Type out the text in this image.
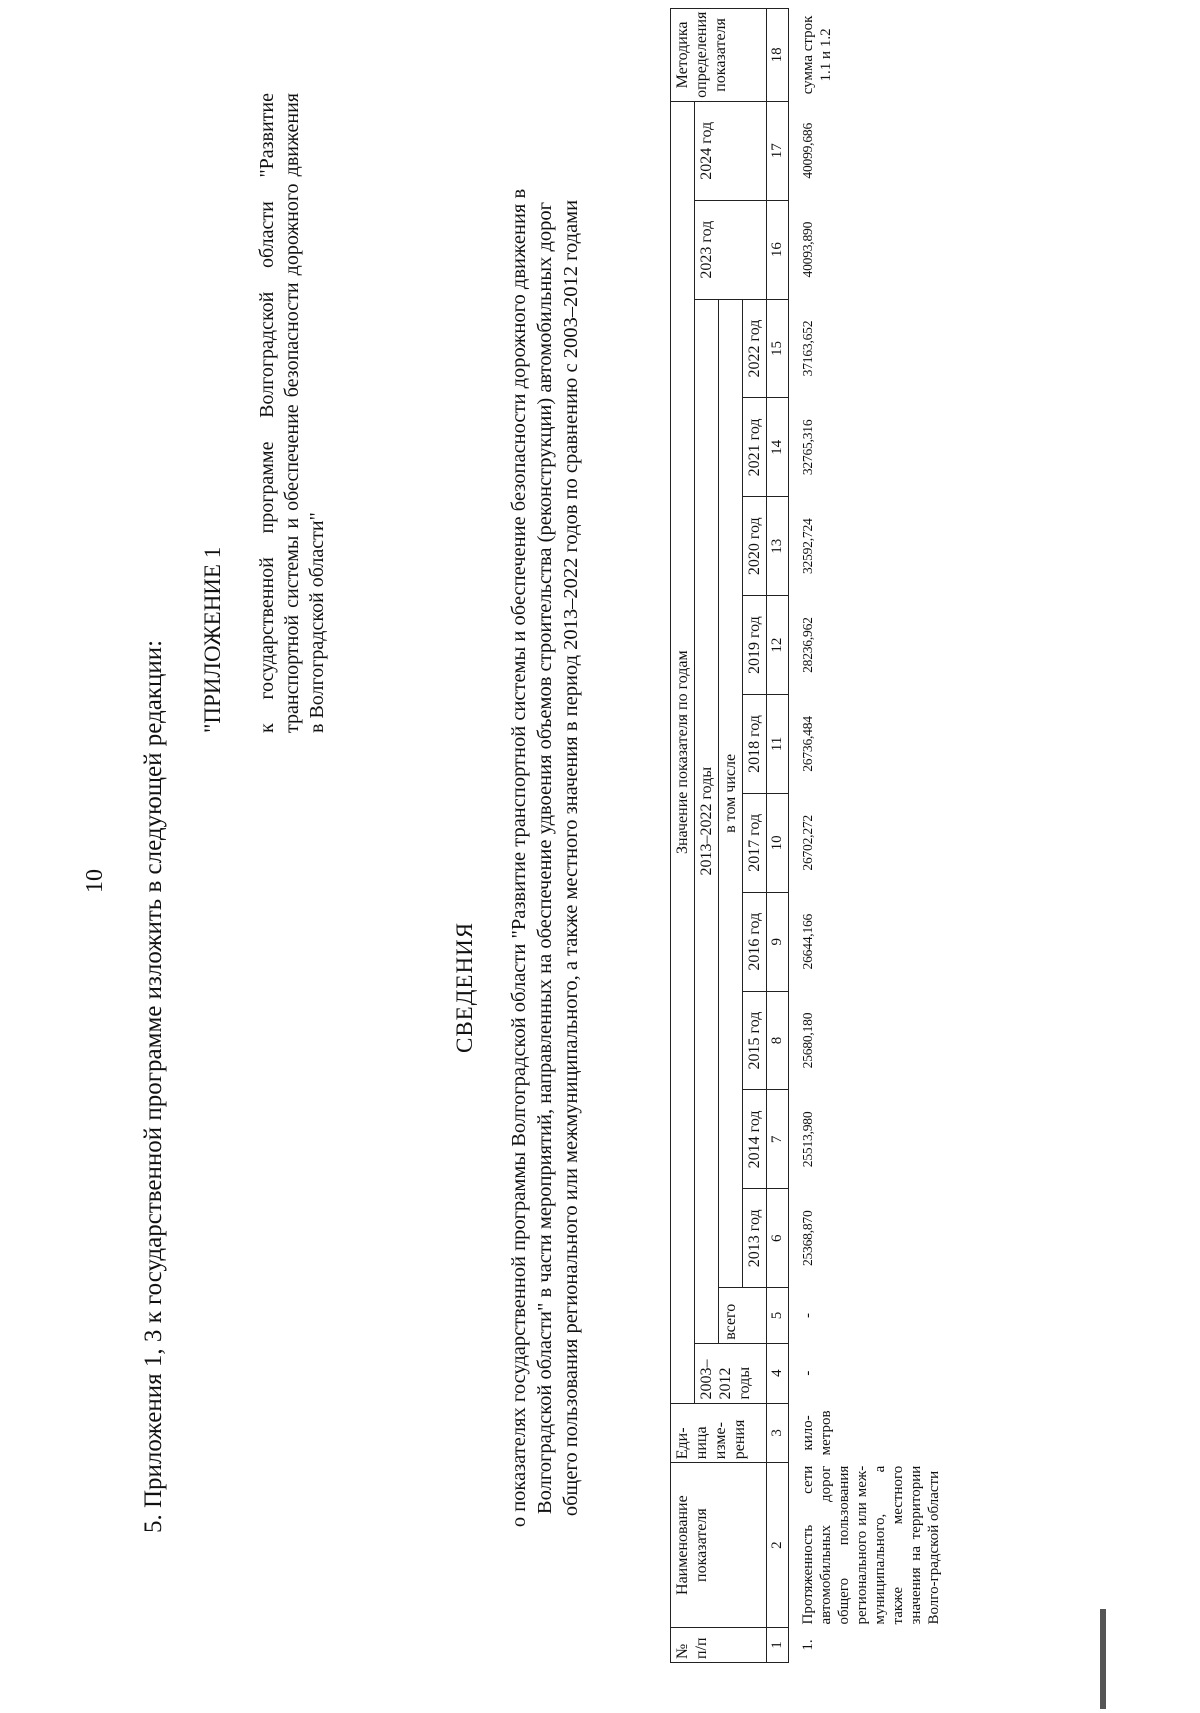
10 5. Приложения 1, 3 к государственной программе изложить в следующей редакции:
"ПРИЛОЖЕНИЕ 1 к государственной программе Волгоградской области "Развитие транспортной системы и обеспечение безопасности дорожного движения в Волгоградской области"
СВЕДЕНИЯ о показателях государственной программы Волгоградской области "Развитие транспортной системы и обеспечение безопасности дорожного движения в Волгоградской области" в части мероприятий, направленных на обеспечение удвоения объемов строительства (реконструкции) автомобильных дорог общего пользования регионального или межмуниципального, а также местного значения в период 2013–2022 годов по сравнению с 2003–2012 годами
№ п/п	Наименование показателя	Еди-ница изме-рения	Значение показателя по годам														Методика определения показателя
			2003–2012 годы	2013–2022 годы											2023 год	2024 год	
				всего	в том числе												
					2013 год	2014 год	2015 год	2016 год	2017 год	2018 год	2019 год	2020 год	2021 год	2022 год			
1	2	3	4	5	6	7	8	9	10	11	12	13	14	15	16	17	18
1.	Протяженность сети автомобильных дорог общего пользования регионального или меж-муниципального, а также местного значения на территории Волго-градской области	кило-метров	-	-	25368,870	25513,980	25680,180	26644,166	26702,272	26736,484	28236,962	32592,724	32765,316	37163,652	40093,890	40099,686	сумма строк 1.1 и 1.2
